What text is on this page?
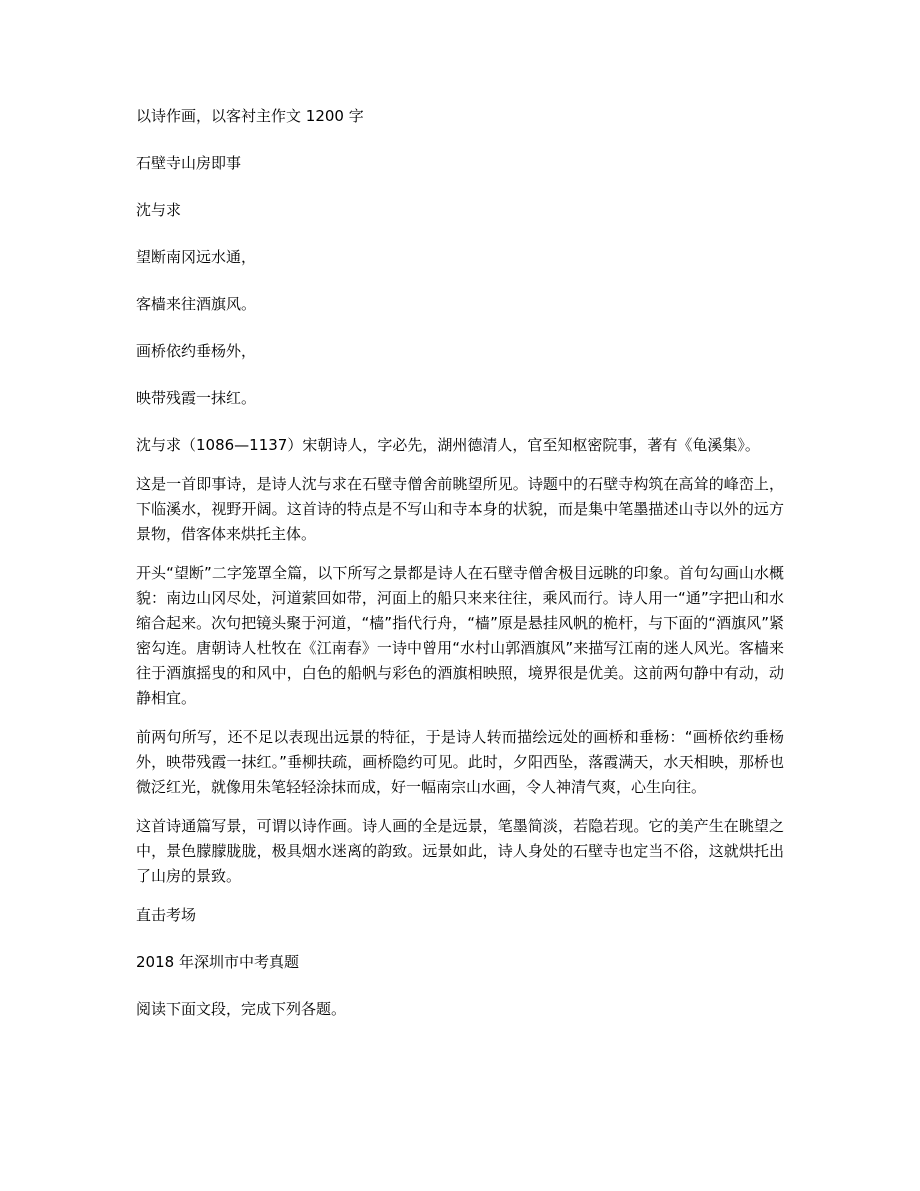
以诗作画，以客衬主作文 1200 字

石壁寺山房即事

沈与求

望断南冈远水通，

客樯来往酒旗风。

画桥依约垂杨外，

映带残霞一抹红。

沈与求（1086—1137）宋朝诗人，字必先，湖州德清人，官至知枢密院事，著有《龟溪集》。

这是一首即事诗，是诗人沈与求在石壁寺僧舍前眺望所见。诗题中的石壁寺构筑在高耸的峰峦上，下临溪水，视野开阔。这首诗的特点是不写山和寺本身的状貌，而是集中笔墨描述山寺以外的远方景物，借客体来烘托主体。

开头“望断”二字笼罩全篇，以下所写之景都是诗人在石壁寺僧舍极目远眺的印象。首句勾画山水概貌：南边山冈尽处，河道萦回如带，河面上的船只来来往往，乘风而行。诗人用一“通”字把山和水缩合起来。次句把镜头聚于河道，“樯”指代行舟，“樯”原是悬挂风帆的桅杆，与下面的“酒旗风”紧密勾连。唐朝诗人杜牧在《江南春》一诗中曾用“水村山郭酒旗风”来描写江南的迷人风光。客樯来往于酒旗摇曳的和风中，白色的船帆与彩色的酒旗相映照，境界很是优美。这前两句静中有动，动静相宜。

前两句所写，还不足以表现出远景的特征，于是诗人转而描绘远处的画桥和垂杨：“画桥依约垂杨外，映带残霞一抹红。”垂柳扶疏，画桥隐约可见。此时，夕阳西坠，落霞满天，水天相映，那桥也微泛红光，就像用朱笔轻轻涂抹而成，好一幅南宗山水画，令人神清气爽，心生向往。

这首诗通篇写景，可谓以诗作画。诗人画的全是远景，笔墨简淡，若隐若现。它的美产生在眺望之中，景色朦朦胧胧，极具烟水迷离的韵致。远景如此，诗人身处的石壁寺也定当不俗，这就烘托出了山房的景致。

直击考场

2018 年深圳市中考真题

阅读下面文段，完成下列各题。
